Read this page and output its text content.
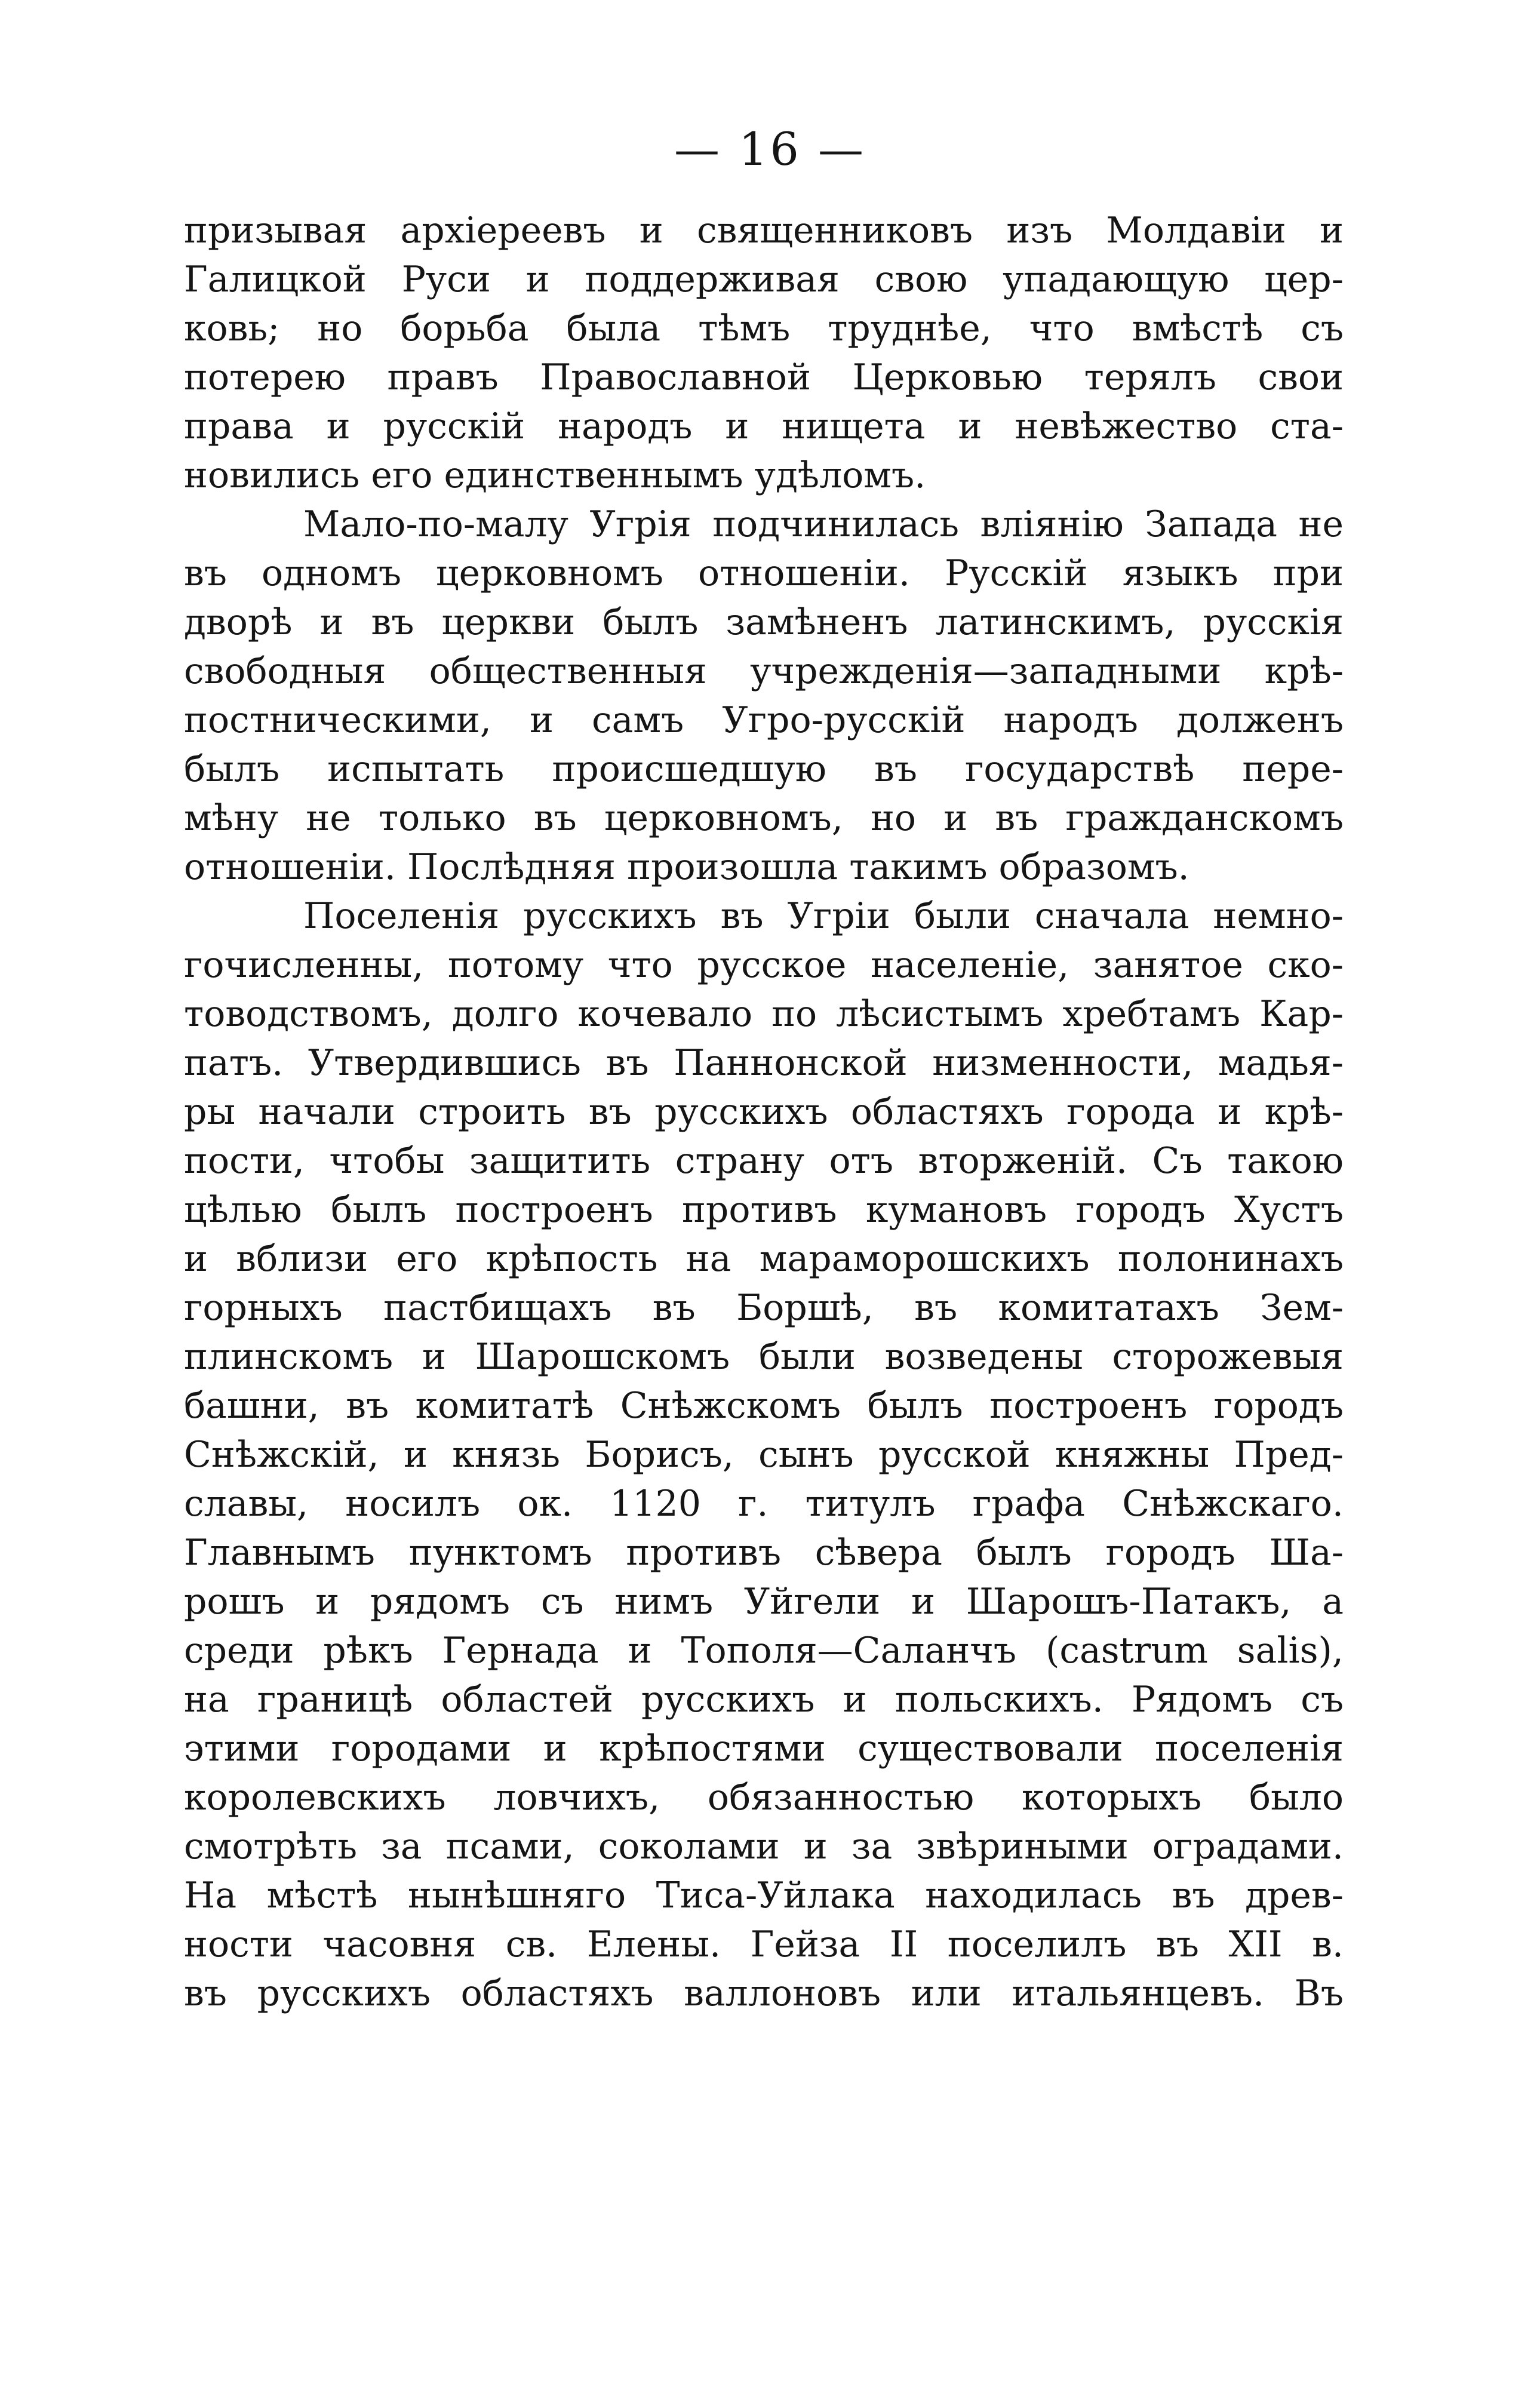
— 16 —
призывая архіереевъ и священниковъ изъ Молдавіи и
Галицкой Руси и поддерживая свою упадающую цер-
ковь; но борьба была тѣмъ труднѣе, что вмѣстѣ съ
потерею правъ Православной Церковью терялъ свои
права и русскій народъ и нищета и невѣжество ста-
новились его единственнымъ удѣломъ.
Мало-по-малу Угрія подчинилась вліянію Запада не
въ одномъ церковномъ отношеніи. Русскій языкъ при
дворѣ и въ церкви былъ замѣненъ латинскимъ, русскія
свободныя общественныя учрежденія—западными крѣ-
постническими, и самъ Угро-русскій народъ долженъ
былъ испытать происшедшую въ государствѣ пере-
мѣну не только въ церковномъ, но и въ гражданскомъ
отношеніи. Послѣдняя произошла такимъ образомъ.
Поселенія русскихъ въ Угріи были сначала немно-
гочисленны, потому что русское населеніе, занятое ско-
товодствомъ, долго кочевало по лѣсистымъ хребтамъ Кар-
патъ. Утвердившись въ Паннонской низменности, мадья-
ры начали строить въ русскихъ областяхъ города и крѣ-
пости, чтобы защитить страну отъ вторженій. Съ такою
цѣлью былъ построенъ противъ кумановъ городъ Хустъ
и вблизи его крѣпость на мараморошскихъ полонинахъ
горныхъ пастбищахъ въ Боршѣ, въ комитатахъ Зем-
плинскомъ и Шарошскомъ были возведены сторожевыя
башни, въ комитатѣ Снѣжскомъ былъ построенъ городъ
Снѣжскій, и князь Борисъ, сынъ русской княжны Пред-
славы, носилъ ок. 1120 г. титулъ графа Снѣжскаго.
Главнымъ пунктомъ противъ сѣвера былъ городъ Ша-
рошъ и рядомъ съ нимъ Уйгели и Шарошъ-Патакъ, а
среди рѣкъ Гернада и Тополя—Саланчъ (castrum salis),
на границѣ областей русскихъ и польскихъ. Рядомъ съ
этими городами и крѣпостями существовали поселенія
королевскихъ ловчихъ, обязанностью которыхъ было
смотрѣть за псами, соколами и за звѣриными оградами.
На мѣстѣ нынѣшняго Тиса-Уйлака находилась въ древ-
ности часовня св. Елены. Гейза II поселилъ въ XII в.
въ русскихъ областяхъ валлоновъ или итальянцевъ. Въ
